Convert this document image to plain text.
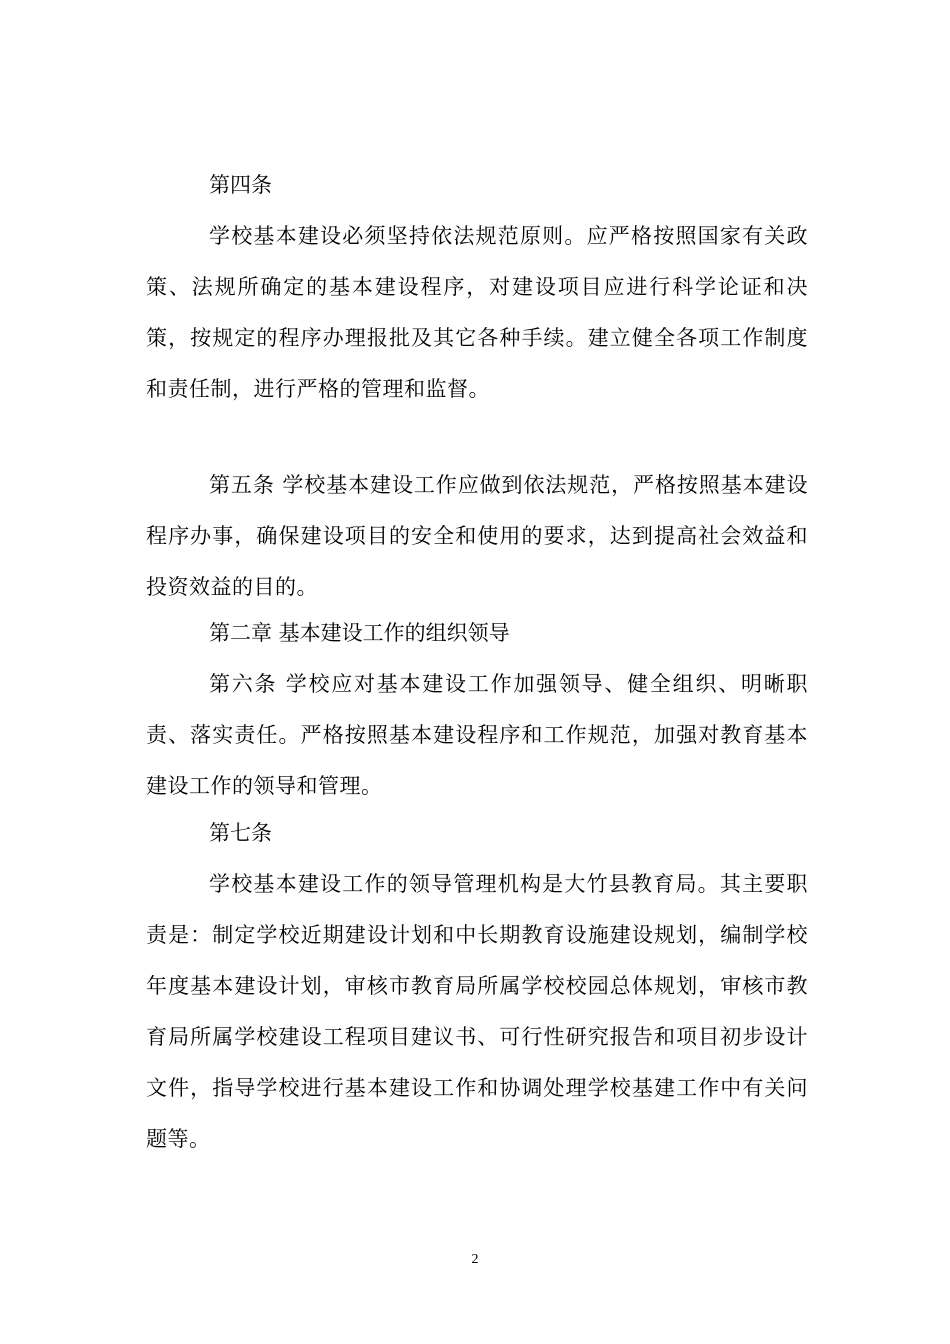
第四条

学校基本建设必须坚持依法规范原则。应严格按照国家有关政策、法规所确定的基本建设程序，对建设项目应进行科学论证和决策，按规定的程序办理报批及其它各种手续。建立健全各项工作制度和责任制，进行严格的管理和监督。

第五条 学校基本建设工作应做到依法规范，严格按照基本建设程序办事，确保建设项目的安全和使用的要求，达到提高社会效益和投资效益的目的。

第二章 基本建设工作的组织领导

第六条 学校应对基本建设工作加强领导、健全组织、明晰职责、落实责任。严格按照基本建设程序和工作规范，加强对教育基本建设工作的领导和管理。

第七条

学校基本建设工作的领导管理机构是大竹县教育局。其主要职责是：制定学校近期建设计划和中长期教育设施建设规划，编制学校年度基本建设计划，审核市教育局所属学校校园总体规划，审核市教育局所属学校建设工程项目建议书、可行性研究报告和项目初步设计文件，指导学校进行基本建设工作和协调处理学校基建工作中有关问题等。

2
